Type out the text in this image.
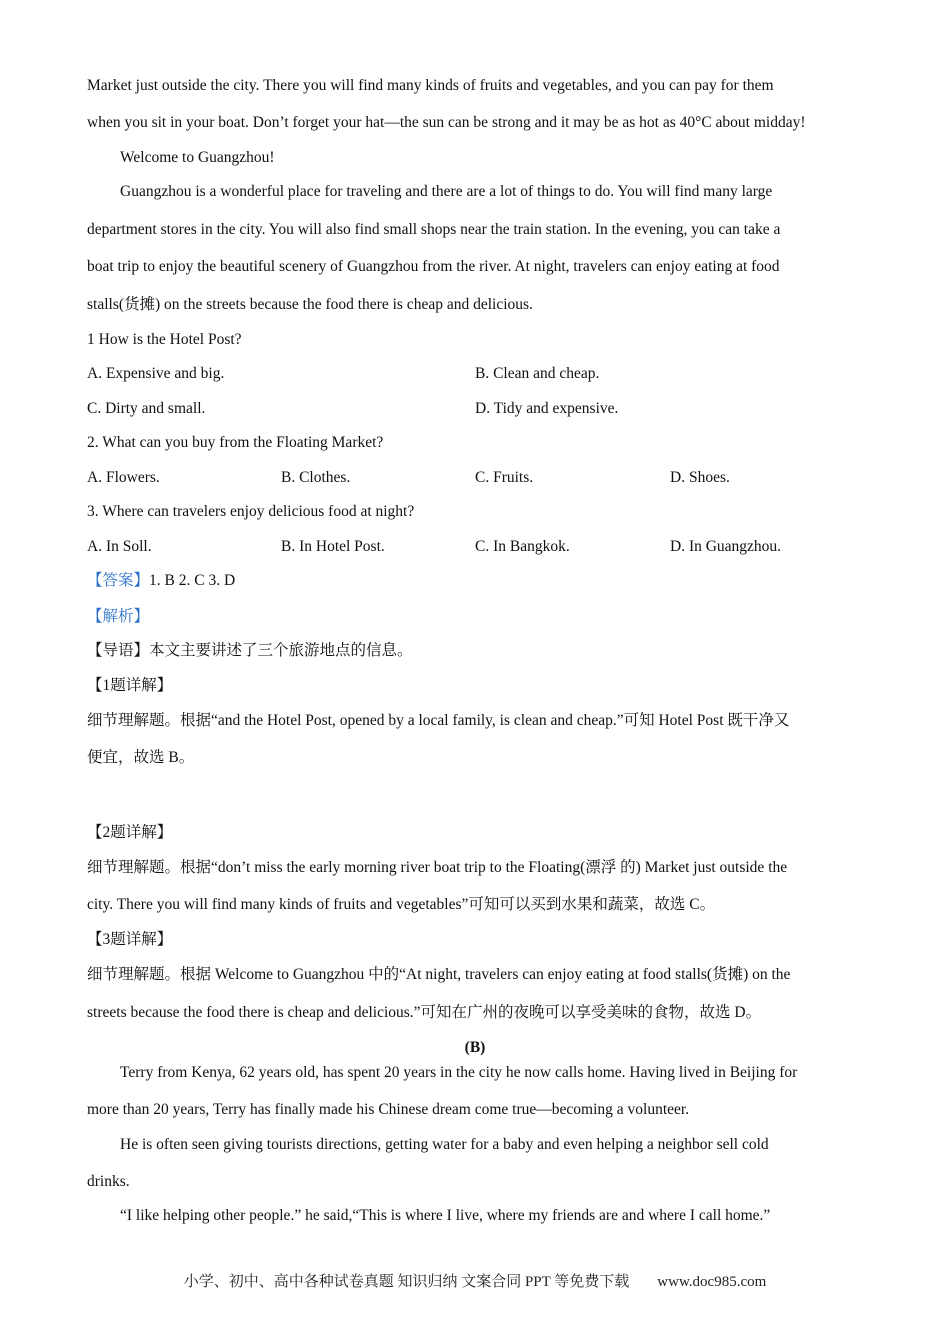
Market just outside the city. There you will find many kinds of fruits and vegetables, and you can pay for them
when you sit in your boat. Don’t forget your hat—the sun can be strong and it may be as hot as 40°C about midday!
Welcome to Guangzhou!
Guangzhou is a wonderful place for traveling and there are a lot of things to do. You will find many large
department stores in the city. You will also find small shops near the train station. In the evening, you can take a
boat trip to enjoy the beautiful scenery of Guangzhou from the river. At night, travelers can enjoy eating at food
stalls(货摊) on the streets because the food there is cheap and delicious.
1 How is the Hotel Post?
A. Expensive and big.	B. Clean and cheap.
C. Dirty and small.	D. Tidy and expensive.
2. What can you buy from the Floating Market?
A. Flowers.	B. Clothes.	C. Fruits.	D. Shoes.
3. Where can travelers enjoy delicious food at night?
A. In Soll.	B. In Hotel Post.	C. In Bangkok.	D. In Guangzhou.
【答案】1. B 2. C 3. D
【解析】
【导语】本文主要讲述了三个旅游地点的信息。
【1题详解】
细节理解题。根据“and the Hotel Post, opened by a local family, is clean and cheap.”可知 Hotel Post 既干净又
便宜，故选 B。
【2题详解】
细节理解题。根据“don’t miss the early morning river boat trip to the Floating(漂浮 的) Market just outside the
city. There you will find many kinds of fruits and vegetables”可知可以买到水果和蔬菜，故选 C。
【3题详解】
细节理解题。根据 Welcome to Guangzhou 中的“At night, travelers can enjoy eating at food stalls(货摊) on the
streets because the food there is cheap and delicious.”可知在广州的夜晚可以享受美味的食物，故选 D。
(B)
Terry from Kenya, 62 years old, has spent 20 years in the city he now calls home. Having lived in Beijing for
more than 20 years, Terry has finally made his Chinese dream come true—becoming a volunteer.
He is often seen giving tourists directions, getting water for a baby and even helping a neighbor sell cold
drinks.
“I like helping other people.” he said,“This is where I live, where my friends are and where I call home.”
小学、初中、高中各种试卷真题 知识归纳 文案合同 PPT 等免费下载 www.doc985.com
